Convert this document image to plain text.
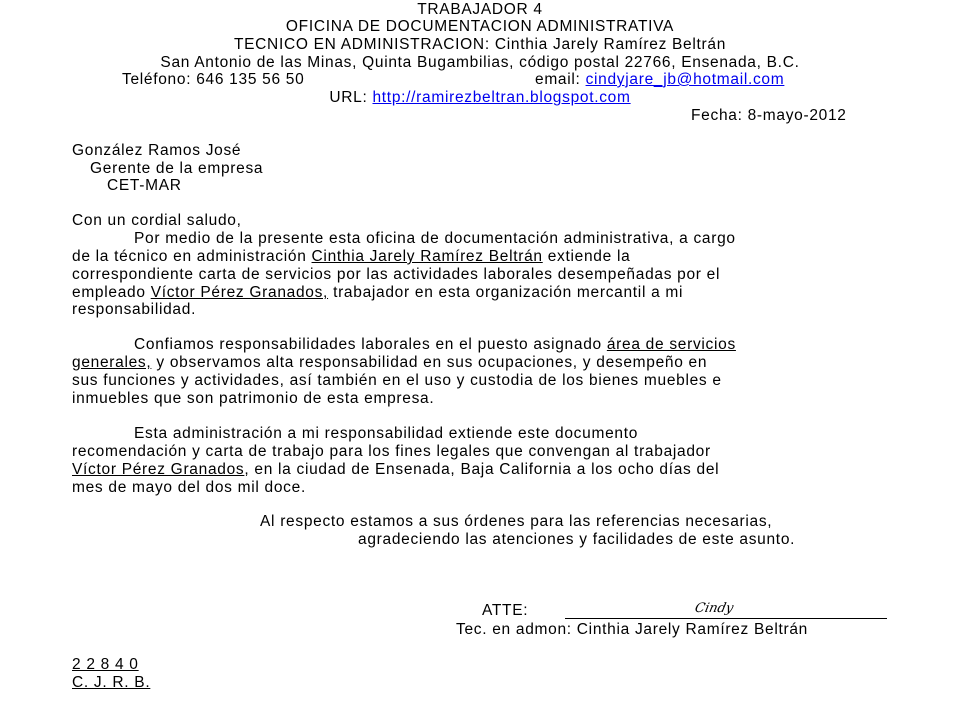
TRABAJADOR 4
OFICINA DE DOCUMENTACION ADMINISTRATIVA
TECNICO EN ADMINISTRACION: Cinthia Jarely Ramírez Beltrán
San Antonio de las Minas, Quinta Bugambilias, código postal 22766, Ensenada, B.C.
Teléfono: 646 135 56 50	email: cindyjare_jb@hotmail.com
URL: http://ramirezbeltran.blogspot.com
Fecha: 8-mayo-2012
González Ramos José
Gerente de la empresa
CET-MAR
Con un cordial saludo,
Por medio de la presente esta oficina de documentación administrativa, a cargo
de la técnico en administración Cinthia Jarely Ramírez Beltrán extiende la
correspondiente carta de servicios por las actividades laborales desempeñadas por el
empleado Víctor Pérez Granados, trabajador en esta organización mercantil a mi
responsabilidad.
Confiamos responsabilidades laborales en el puesto asignado área de servicios
generales, y observamos alta responsabilidad en sus ocupaciones, y desempeño en
sus funciones y actividades, así también en el uso y custodia de los bienes muebles e
inmuebles que son patrimonio de esta empresa.
Esta administración a mi responsabilidad extiende este documento
recomendación y carta de trabajo para los fines legales que convengan al trabajador
Víctor Pérez Granados, en la ciudad de Ensenada, Baja California a los ocho días del
mes de mayo del dos mil doce.
Al respecto estamos a sus órdenes para las referencias necesarias,
agradeciendo las atenciones y facilidades de este asunto.
ATTE:	Cindy
Tec. en admon: Cinthia Jarely Ramírez Beltrán
2 2 8 4 0
C. J. R. B.
